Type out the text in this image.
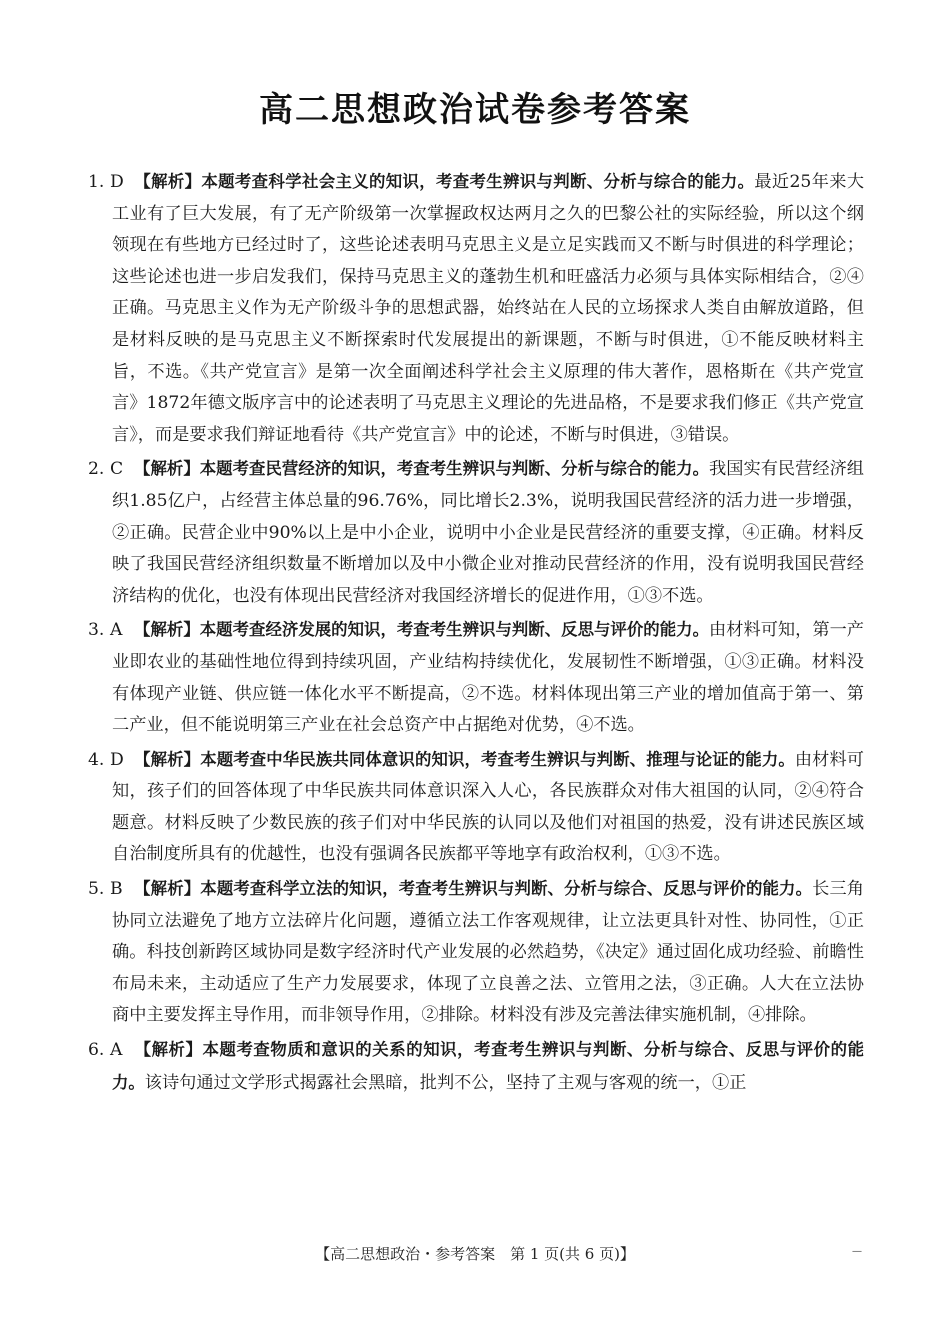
高二思想政治试卷参考答案
1. D 【解析】本题考查科学社会主义的知识，考查考生辨识与判断、分析与综合的能力。最近25年来大工业有了巨大发展，有了无产阶级第一次掌握政权达两月之久的巴黎公社的实际经验，所以这个纲领现在有些地方已经过时了，这些论述表明马克思主义是立足实践而又不断与时俱进的科学理论；这些论述也进一步启发我们，保持马克思主义的蓬勃生机和旺盛活力必须与具体实际相结合，②④正确。马克思主义作为无产阶级斗争的思想武器，始终站在人民的立场探求人类自由解放道路，但是材料反映的是马克思主义不断探索时代发展提出的新课题，不断与时俱进，①不能反映材料主旨，不选。《共产党宣言》是第一次全面阐述科学社会主义原理的伟大著作，恩格斯在《共产党宣言》1872年德文版序言中的论述表明了马克思主义理论的先进品格，不是要求我们修正《共产党宣言》，而是要求我们辩证地看待《共产党宣言》中的论述，不断与时俱进，③错误。
2. C 【解析】本题考查民营经济的知识，考查考生辨识与判断、分析与综合的能力。我国实有民营经济组织1.85亿户，占经营主体总量的96.76%，同比增长2.3%，说明我国民营经济的活力进一步增强，②正确。民营企业中90%以上是中小企业，说明中小企业是民营经济的重要支撑，④正确。材料反映了我国民营经济组织数量不断增加以及中小微企业对推动民营经济的作用，没有说明我国民营经济结构的优化，也没有体现出民营经济对我国经济增长的促进作用，①③不选。
3. A 【解析】本题考查经济发展的知识，考查考生辨识与判断、反思与评价的能力。由材料可知，第一产业即农业的基础性地位得到持续巩固，产业结构持续优化，发展韧性不断增强，①③正确。材料没有体现产业链、供应链一体化水平不断提高，②不选。材料体现出第三产业的增加值高于第一、第二产业，但不能说明第三产业在社会总资产中占据绝对优势，④不选。
4. D 【解析】本题考查中华民族共同体意识的知识，考查考生辨识与判断、推理与论证的能力。由材料可知，孩子们的回答体现了中华民族共同体意识深入人心，各民族群众对伟大祖国的认同，②④符合题意。材料反映了少数民族的孩子们对中华民族的认同以及他们对祖国的热爱，没有讲述民族区域自治制度所具有的优越性，也没有强调各民族都平等地享有政治权利，①③不选。
5. B 【解析】本题考查科学立法的知识，考查考生辨识与判断、分析与综合、反思与评价的能力。长三角协同立法避免了地方立法碎片化问题，遵循立法工作客观规律，让立法更具针对性、协同性，①正确。科技创新跨区域协同是数字经济时代产业发展的必然趋势，《决定》通过固化成功经验、前瞻性布局未来，主动适应了生产力发展要求，体现了立良善之法、立管用之法，③正确。人大在立法协商中主要发挥主导作用，而非领导作用，②排除。材料没有涉及完善法律实施机制，④排除。
6. A 【解析】本题考查物质和意识的关系的知识，考查考生辨识与判断、分析与综合、反思与评价的能力。该诗句通过文学形式揭露社会黑暗，批判不公，坚持了主观与客观的统一，①正
【高二思想政治・参考答案　第 1 页(共 6 页)】	—
